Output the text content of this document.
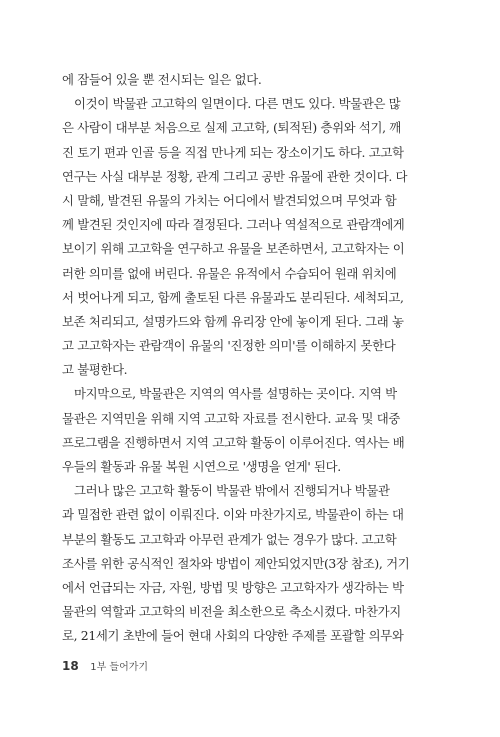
에 잠들어 있을 뿐 전시되는 일은 없다.
이것이 박물관 고고학의 일면이다. 다른 면도 있다. 박물관은 많
은 사람이 대부분 처음으로 실제 고고학, (퇴적된) 층위와 석기, 깨
진 토기 편과 인골 등을 직접 만나게 되는 장소이기도 하다. 고고학
연구는 사실 대부분 정황, 관계 그리고 공반 유물에 관한 것이다. 다
시 말해, 발견된 유물의 가치는 어디에서 발견되었으며 무엇과 함
께 발견된 것인지에 따라 결정된다. 그러나 역설적으로 관람객에게
보이기 위해 고고학을 연구하고 유물을 보존하면서, 고고학자는 이
러한 의미를 없애 버린다. 유물은 유적에서 수습되어 원래 위치에
서 벗어나게 되고, 함께 출토된 다른 유물과도 분리된다. 세척되고,
보존 처리되고, 설명카드와 함께 유리장 안에 놓이게 된다. 그래 놓
고 고고학자는 관람객이 유물의 '진정한 의미'를 이해하지 못한다
고 불평한다.
마지막으로, 박물관은 지역의 역사를 설명하는 곳이다. 지역 박
물관은 지역민을 위해 지역 고고학 자료를 전시한다. 교육 및 대중
프로그램을 진행하면서 지역 고고학 활동이 이루어진다. 역사는 배
우들의 활동과 유물 복원 시연으로 '생명을 얻게' 된다.
그러나 많은 고고학 활동이 박물관 밖에서 진행되거나 박물관
과 밀접한 관련 없이 이뤄진다. 이와 마찬가지로, 박물관이 하는 대
부분의 활동도 고고학과 아무런 관계가 없는 경우가 많다. 고고학
조사를 위한 공식적인 절차와 방법이 제안되었지만(3장 참조), 거기
에서 언급되는 자금, 자원, 방법 및 방향은 고고학자가 생각하는 박
물관의 역할과 고고학의 비전을 최소한으로 축소시켰다. 마찬가지
로, 21세기 초반에 들어 현대 사회의 다양한 주제를 포괄할 의무와
18 1부 들어가기
